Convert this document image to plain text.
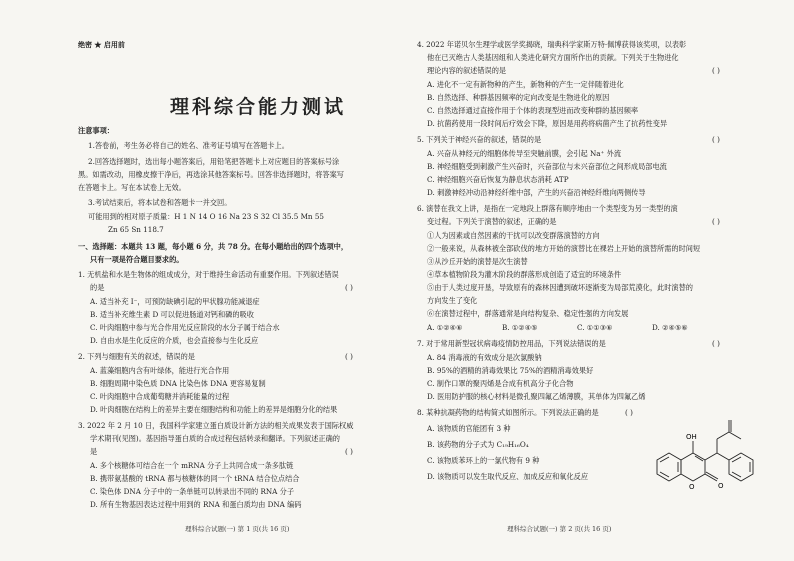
绝密 ★ 启用前
理科综合能力测试
注意事项：
1.答卷前，考生务必将自己的姓名、准考证号填写在答题卡上。
2.回答选择题时，选出每小题答案后，用铅笔把答题卡上对应题目的答案标号涂
黑。如需改动，用橡皮擦干净后，再选涂其他答案标号。回答非选择题时，将答案写
在答题卡上。写在本试卷上无效。
3.考试结束后，将本试卷和答题卡一并交回。
可能用到的相对原子质量：H 1 N 14 O 16 Na 23 S 32 Cl 35.5 Mn 55
Zn 65 Sn 118.7
一、选择题：本题共 13 题，每小题 6 分，共 78 分。在每小题给出的四个选项中，
只有一项是符合题目要求的。
1. 无机盐和水是生物体的组成成分，对于维持生命活动有重要作用。下列叙述错误
的是	( )
A. 适当补充 I⁻，可预防缺碘引起的甲状腺功能减退症
B. 适当补充维生素 D 可以促进肠道对钙和磷的吸收
C. 叶肉细胞中参与光合作用光反应阶段的水分子属于结合水
D. 自由水是生化反应的介质，也会直接参与生化反应
2. 下列与细胞有关的叙述，错误的是	( )
A. 蓝藻细胞内含有叶绿体，能进行光合作用
B. 细胞周期中染色质 DNA 比染色体 DNA 更容易复制
C. 叶肉细胞中合成葡萄糖并消耗能量的过程
D. 叶肉细胞在结构上的差异主要在细胞结构和功能上的差异是细胞分化的结果
3. 2022 年 2 月 10 日，我国科学家建立蛋白质设计新方法的相关成果发表于国际权威
学术期刊(见图)。基因指导蛋白质的合成过程包括转录和翻译。下列叙述正确的
是	( )
A. 多个核糖体可结合在一个 mRNA 分子上共同合成一条多肽链
B. 携带氨基酸的 tRNA 都与核糖体的同一个 tRNA 结合位点结合
C. 染色体 DNA 分子中的一条单链可以转录出不同的 RNA 分子
D. 所有生物基因表达过程中用到的 RNA 和蛋白质均由 DNA 编码
理科综合试题(一) 第 1 页(共 16 页)
4. 2022 年诺贝尔生理学或医学奖揭晓，瑞典科学家斯万特·佩博获得该奖项，以表彰
他在已灭绝古人类基因组和人类进化研究方面所作出的贡献。下列关于生物进化
理论内容的叙述错误的是	( )
A. 进化不一定有新物种的产生，新物种的产生一定伴随着进化
B. 自然选择、种群基因频率的定向改变是生物进化的原因
C. 自然选择通过直接作用于个体的表现型进而改变种群的基因频率
D. 抗菌药使用一段时间后疗效会下降，原因是用药将病菌产生了抗药性变异
5. 下列关于神经兴奋的叙述，错误的是	( )
A. 兴奋从神经元的细胞体传导至突触前膜，会引起 Na⁺ 外流
B. 神经细胞受到刺激产生兴奋时，兴奋部位与未兴奋部位之间形成局部电流
C. 神经细胞兴奋后恢复为静息状态消耗 ATP
D. 刺激神经冲动沿神经纤维中部，产生的兴奋沿神经纤维向两侧传导
6. 演替在我文上讲，是指在一定地段上群落有顺序地由一个类型变为另一类型的演
变过程。下列关于演替的叙述，正确的是	( )
①人为因素或自然因素的干扰可以改变群落演替的方向
②一般来说，从森林被全部砍伐的地方开始的演替比在裸岩上开始的演替所需的时间短
③从沙丘开始的演替是次生演替
④草本植物阶段为灌木阶段的群落形成创造了适宜的环境条件
⑤由于人类过度开垦，导致原有的森林因遭到破坏逐渐变为局部荒漠化，此时演替的
方向发生了变化
⑥在演替过程中，群落通常是向结构复杂、稳定性强的方向发展
A. ①②④⑥	B. ①②④⑤	C. ①①③⑥	D. ②④⑤⑥
7. 对于常用新型冠状病毒疫情防控用品，下列说法错误的是	( )
A. 84 消毒液的有效成分是次氯酸钠
B. 95%的酒精的消毒效果比 75%的酒精消毒效果好
C. 制作口罩的聚丙烯是合成有机高分子化合物
D. 医用防护服的核心材料是微孔聚四氟乙烯薄膜，其单体为四氟乙烯
8. 某种抗凝药物的结构简式如图所示。下列说法正确的是	( )
A. 该物质的官能团有 3 种
B. 该药物的分子式为 C₁₉H₁₆O₄
C. 该物质苯环上的一氯代物有 9 种
D. 该物质可以发生取代反应、加成反应和氧化反应
OH
O	O
理科综合试题(一) 第 2 页(共 16 页)
